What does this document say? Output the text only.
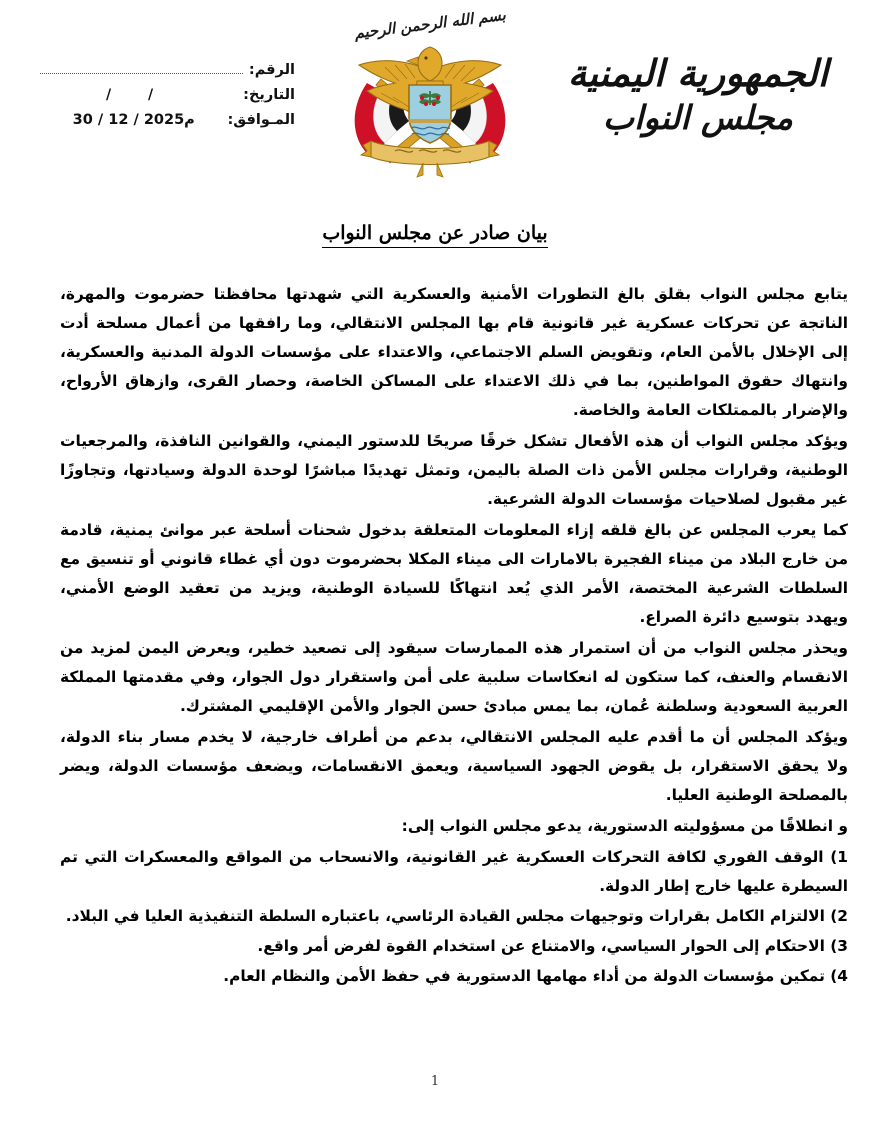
الجمهورية اليمنية
مجلس النواب
بسم الله الرحمن الرحيم
الرقم:
التاريخ:
/ /
المـوافق:
30 / 12 / 2025م
بيان صادر عن مجلس النواب

يتابع مجلس النواب بقلق بالغ التطورات الأمنية والعسكرية التي شهدتها محافظتا حضرموت والمهرة، الناتجة عن تحركات عسكرية غير قانونية قام بها المجلس الانتقالي، وما رافقها من أعمال مسلحة أدت إلى الإخلال بالأمن العام، وتقويض السلم الاجتماعي، والاعتداء على مؤسسات الدولة المدنية والعسكرية، وانتهاك حقوق المواطنين، بما في ذلك الاعتداء على المساكن الخاصة، وحصار القرى، وازهاق الأرواح، والإضرار بالممتلكات العامة والخاصة.

ويؤكد مجلس النواب أن هذه الأفعال تشكل خرقًا صريحًا للدستور اليمني، والقوانين النافذة، والمرجعيات الوطنية، وقرارات مجلس الأمن ذات الصلة باليمن، وتمثل تهديدًا مباشرًا لوحدة الدولة وسيادتها، وتجاوزًا غير مقبول لصلاحيات مؤسسات الدولة الشرعية.

كما يعرب المجلس عن بالغ قلقه إزاء المعلومات المتعلقة بدخول شحنات أسلحة عبر موانئ يمنية، قادمة من خارج البلاد من ميناء الفجيرة بالامارات الى ميناء المكلا بحضرموت دون أي غطاء قانوني أو تنسيق مع السلطات الشرعية المختصة، الأمر الذي يُعد انتهاكًا للسيادة الوطنية، ويزيد من تعقيد الوضع الأمني، ويهدد بتوسيع دائرة الصراع.

ويحذر مجلس النواب من أن استمرار هذه الممارسات سيقود إلى تصعيد خطير، ويعرض اليمن لمزيد من الانقسام والعنف، كما ستكون له انعكاسات سلبية على أمن واستقرار دول الجوار، وفي مقدمتها المملكة العربية السعودية وسلطنة عُمان، بما يمس مبادئ حسن الجوار والأمن الإقليمي المشترك.

ويؤكد المجلس أن ما أقدم عليه المجلس الانتقالي، بدعم من أطراف خارجية، لا يخدم مسار بناء الدولة، ولا يحقق الاستقرار، بل يقوض الجهود السياسية، ويعمق الانقسامات، ويضعف مؤسسات الدولة، ويضر بالمصلحة الوطنية العليا.

و انطلاقًا من مسؤوليته الدستورية، يدعو مجلس النواب إلى:

1) الوقف الفوري لكافة التحركات العسكرية غير القانونية، والانسحاب من المواقع والمعسكرات التي تم السيطرة عليها خارج إطار الدولة.

2) الالتزام الكامل بقرارات وتوجيهات مجلس القيادة الرئاسي، باعتباره السلطة التنفيذية العليا في البلاد.

3) الاحتكام إلى الحوار السياسي، والامتناع عن استخدام القوة لفرض أمر واقع.

4) تمكين مؤسسات الدولة من أداء مهامها الدستورية في حفظ الأمن والنظام العام.

1
